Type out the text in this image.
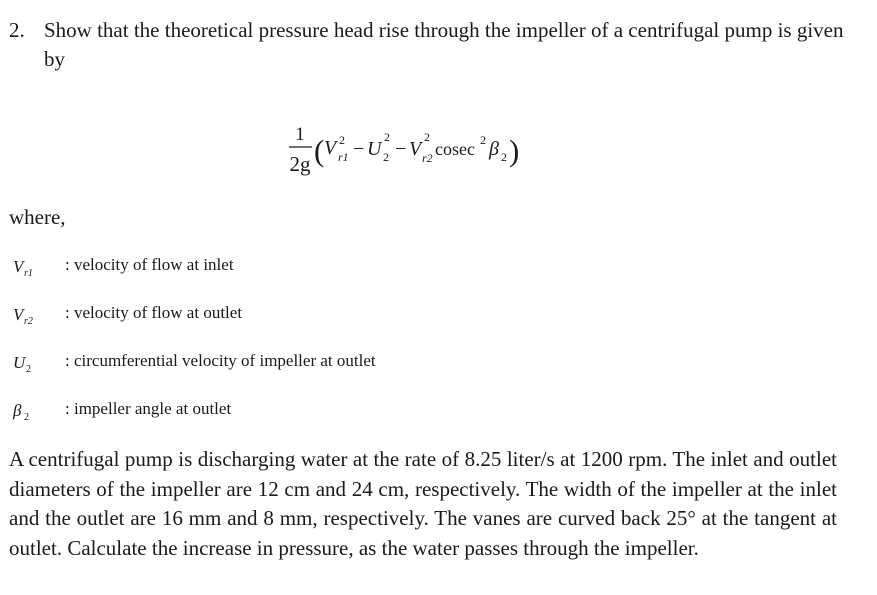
2. Show that the theoretical pressure head rise through the impeller of a centrifugal pump is given by
1
2g ( V r1
2 − U 2
2
− V r2
2
cosec 2 β 2 )
where,
V r1 : velocity of flow at inlet
V r2 : velocity of flow at outlet
U 2 : circumferential velocity of impeller at outlet
β 2 : impeller angle at outlet
A centrifugal pump is discharging water at the rate of 8.25 liter/s at 1200 rpm. The inlet and outlet diameters of the impeller are 12 cm and 24 cm, respectively. The width of the impeller at the inlet and the outlet are 16 mm and 8 mm, respectively. The vanes are curved back 25° at the tangent at outlet. Calculate the increase in pressure, as the water passes through the impeller.
